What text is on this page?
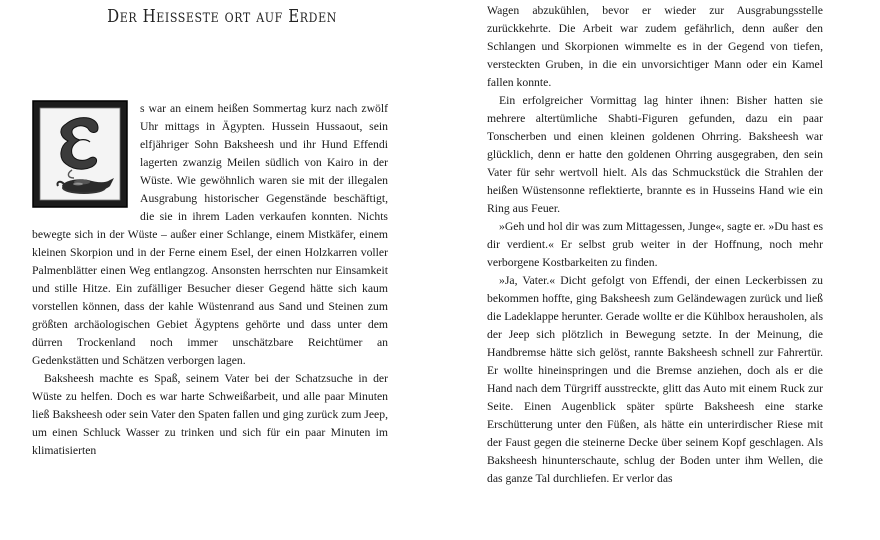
Der Heisseste ort auf Erden

s war an einem heißen Sommertag kurz nach zwölf Uhr mittags in Ägypten. Hussein Hussaout, sein elfjähriger Sohn Baksheesh und ihr Hund Effendi lagerten zwanzig Meilen südlich von Kairo in der Wüste. Wie gewöhnlich waren sie mit der illegalen Ausgrabung historischer Gegenstände beschäftigt, die sie in ihrem Laden verkaufen konnten. Nichts bewegte sich in der Wüste – außer einer Schlange, einem Mistkäfer, einem kleinen Skorpion und in der Ferne einem Esel, der einen Holzkarren voller Palmenblätter einen Weg entlangzog. Ansonsten herrschten nur Einsamkeit und stille Hitze. Ein zufälliger Besucher dieser Gegend hätte sich kaum vorstellen können, dass der kahle Wüstenrand aus Sand und Steinen zum größten archäologischen Gebiet Ägyptens gehörte und dass unter dem dürren Trockenland noch immer unschätzbare Reichtümer an Gedenkstätten und Schätzen verborgen lagen.

Baksheesh machte es Spaß, seinem Vater bei der Schatzsuche in der Wüste zu helfen. Doch es war harte Schweißarbeit, und alle paar Minuten ließ Baksheesh oder sein Vater den Spaten fallen und ging zurück zum Jeep, um einen Schluck Wasser zu trinken und sich für ein paar Minuten im klimatisierten

Wagen abzukühlen, bevor er wieder zur Ausgrabungsstelle zurückkehrte. Die Arbeit war zudem gefährlich, denn außer den Schlangen und Skorpionen wimmelte es in der Gegend von tiefen, versteckten Gruben, in die ein unvorsichtiger Mann oder ein Kamel fallen konnte.

Ein erfolgreicher Vormittag lag hinter ihnen: Bisher hatten sie mehrere altertümliche Shabti-Figuren gefunden, dazu ein paar Tonscherben und einen kleinen goldenen Ohrring. Baksheesh war glücklich, denn er hatte den goldenen Ohrring ausgegraben, den sein Vater für sehr wertvoll hielt. Als das Schmuckstück die Strahlen der heißen Wüstensonne reflektierte, brannte es in Husseins Hand wie ein Ring aus Feuer.

»Geh und hol dir was zum Mittagessen, Junge«, sagte er. »Du hast es dir verdient.« Er selbst grub weiter in der Hoffnung, noch mehr verborgene Kostbarkeiten zu finden.

»Ja, Vater.« Dicht gefolgt von Effendi, der einen Leckerbissen zu bekommen hoffte, ging Baksheesh zum Geländewagen zurück und ließ die Ladeklappe herunter. Gerade wollte er die Kühlbox herausholen, als der Jeep sich plötzlich in Bewegung setzte. In der Meinung, die Handbremse hätte sich gelöst, rannte Baksheesh schnell zur Fahrertür. Er wollte hineinspringen und die Bremse anziehen, doch als er die Hand nach dem Türgriff ausstreckte, glitt das Auto mit einem Ruck zur Seite. Einen Augenblick später spürte Baksheesh eine starke Erschütterung unter den Füßen, als hätte ein unterirdischer Riese mit der Faust gegen die steinerne Decke über seinem Kopf geschlagen. Als Baksheesh hinunterschaute, schlug der Boden unter ihm Wellen, die das ganze Tal durchliefen. Er verlor das
